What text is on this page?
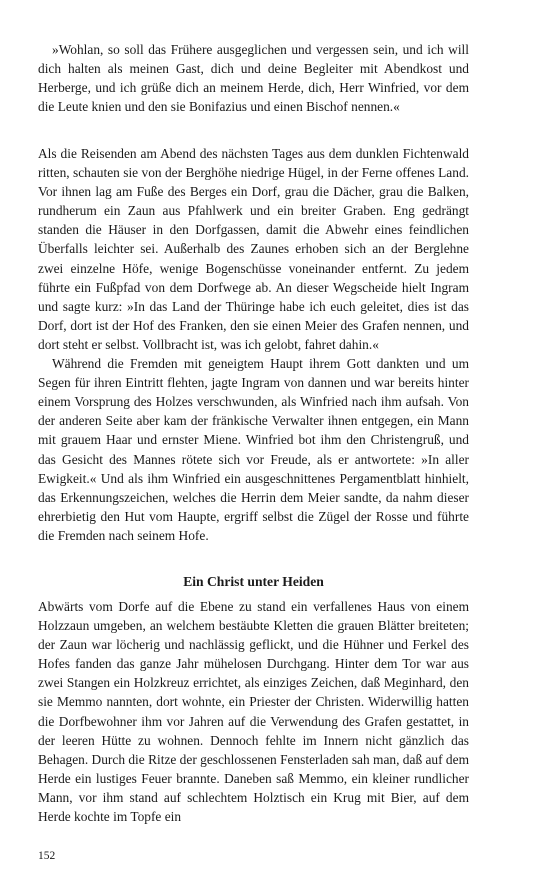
»Wohlan, so soll das Frühere ausgeglichen und vergessen sein, und ich will dich halten als meinen Gast, dich und deine Begleiter mit Abendkost und Herberge, und ich grüße dich an meinem Herde, dich, Herr Winfried, vor dem die Leute knien und den sie Bonifazius und einen Bischof nennen.«

Als die Reisenden am Abend des nächsten Tages aus dem dunklen Fichtenwald ritten, schauten sie von der Berghöhe niedrige Hügel, in der Ferne offenes Land. Vor ihnen lag am Fuße des Berges ein Dorf, grau die Dächer, grau die Balken, rundherum ein Zaun aus Pfahlwerk und ein breiter Graben. Eng gedrängt standen die Häuser in den Dorfgassen, damit die Abwehr eines feindlichen Überfalls leichter sei. Außerhalb des Zaunes erhoben sich an der Berglehne zwei einzelne Höfe, wenige Bogenschüsse voneinander entfernt. Zu jedem führte ein Fußpfad von dem Dorfwege ab. An dieser Wegscheide hielt Ingram und sagte kurz: »In das Land der Thüringe habe ich euch geleitet, dies ist das Dorf, dort ist der Hof des Franken, den sie einen Meier des Grafen nennen, und dort steht er selbst. Vollbracht ist, was ich gelobt, fahret dahin.«

Während die Fremden mit geneigtem Haupt ihrem Gott dankten und um Segen für ihren Eintritt flehten, jagte Ingram von dannen und war bereits hinter einem Vorsprung des Holzes verschwunden, als Winfried nach ihm aufsah. Von der anderen Seite aber kam der fränkische Verwalter ihnen entgegen, ein Mann mit grauem Haar und ernster Miene. Winfried bot ihm den Christengruß, und das Gesicht des Mannes rötete sich vor Freude, als er antwortete: »In aller Ewigkeit.« Und als ihm Winfried ein ausgeschnittenes Pergamentblatt hinhielt, das Erkennungszeichen, welches die Herrin dem Meier sandte, da nahm dieser ehrerbietig den Hut vom Haupte, ergriff selbst die Zügel der Rosse und führte die Fremden nach seinem Hofe.

Ein Christ unter Heiden

Abwärts vom Dorfe auf die Ebene zu stand ein verfallenes Haus von einem Holzzaun umgeben, an welchem bestäubte Kletten die grauen Blätter breiteten; der Zaun war löcherig und nachlässig geflickt, und die Hühner und Ferkel des Hofes fanden das ganze Jahr mühelosen Durchgang. Hinter dem Tor war aus zwei Stangen ein Holzkreuz errichtet, als einziges Zeichen, daß Meginhard, den sie Memmo nannten, dort wohnte, ein Priester der Christen. Widerwillig hatten die Dorfbewohner ihm vor Jahren auf die Verwendung des Grafen gestattet, in der leeren Hütte zu wohnen. Dennoch fehlte im Innern nicht gänzlich das Behagen. Durch die Ritze der geschlossenen Fensterladen sah man, daß auf dem Herde ein lustiges Feuer brannte. Daneben saß Memmo, ein kleiner rundlicher Mann, vor ihm stand auf schlechtem Holztisch ein Krug mit Bier, auf dem Herde kochte im Topfe ein

152
